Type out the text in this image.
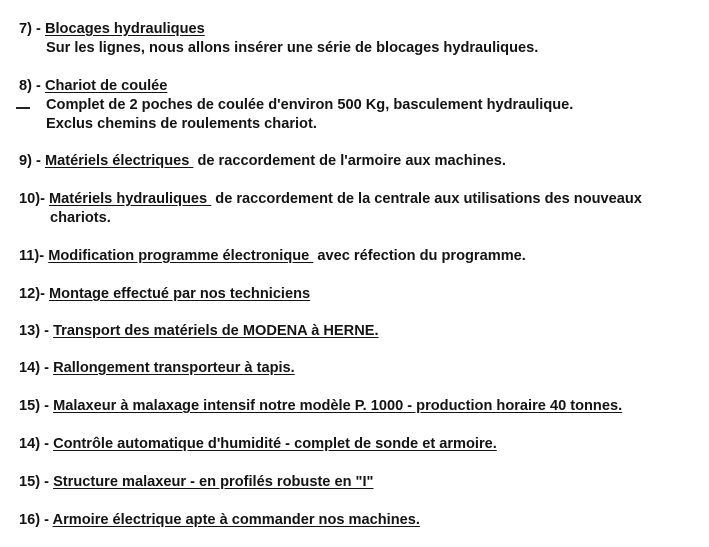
7) - Blocages hydrauliques
Sur les lignes, nous allons insérer une série de blocages hydrauliques.
8) - Chariot de coulée
Complet de 2 poches de coulée d'environ 500 Kg, basculement hydraulique.
Exclus chemins de roulements chariot.
9) - Matériels électriques  de raccordement de l'armoire aux machines.
10)- Matériels hydrauliques  de raccordement de la centrale aux utilisations des nouveaux
chariots.
11)- Modification programme électronique  avec réfection du programme.
12)- Montage effectué par nos techniciens
13) - Transport des matériels de MODENA à HERNE.
14) - Rallongement transporteur à tapis.
15) - Malaxeur à malaxage intensif notre modèle P. 1000 - production horaire 40 tonnes.
14) - Contrôle automatique d'humidité - complet de sonde et armoire.
15) - Structure malaxeur - en profilés robuste en "I"
16) - Armoire électrique apte à commander nos machines.
